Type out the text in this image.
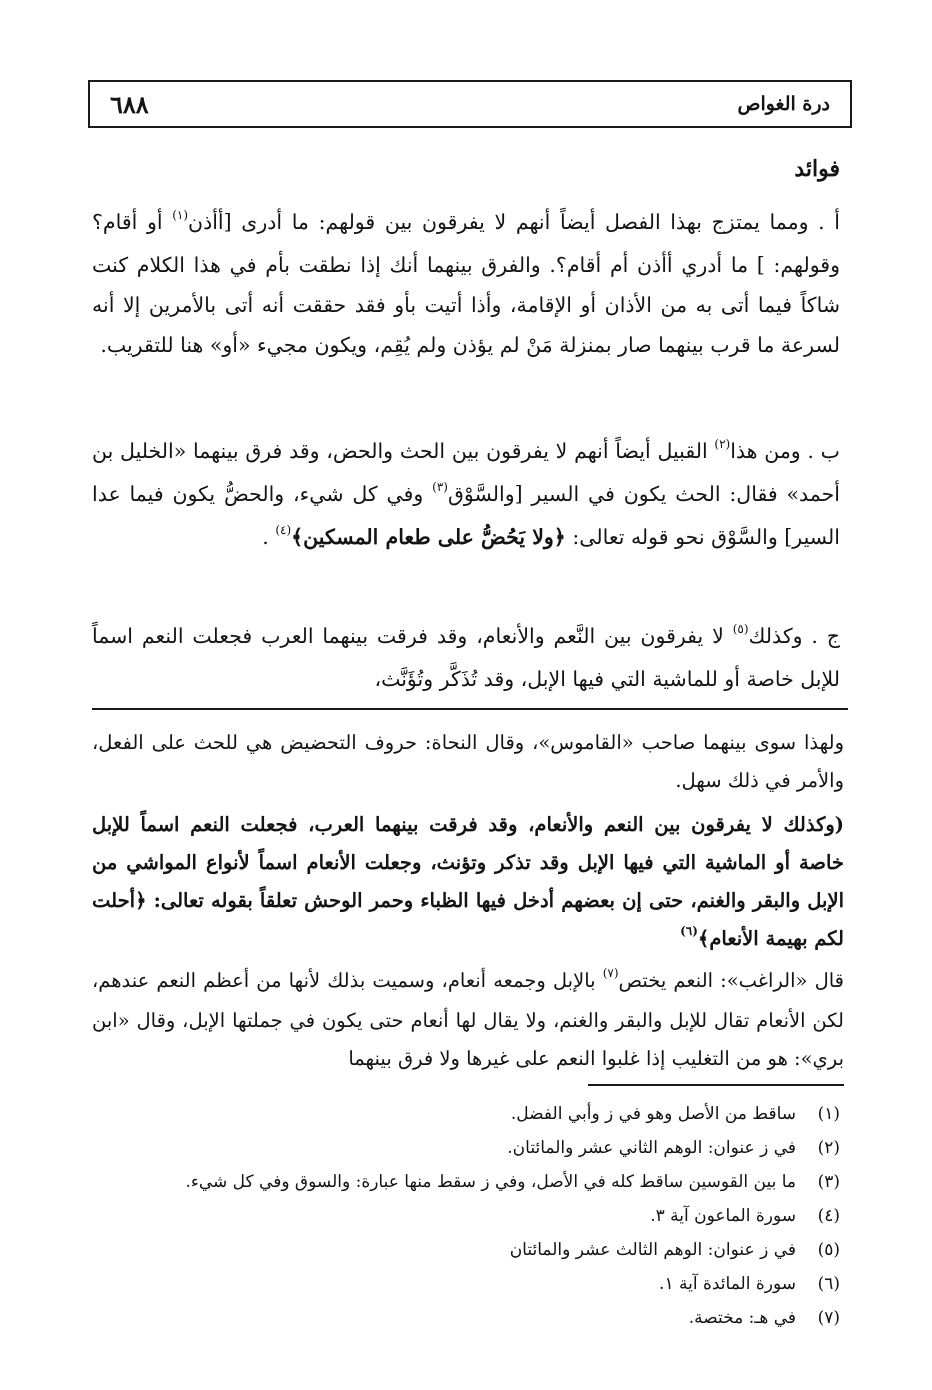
٦٨٨	درة الغواص
فوائد
أ . ومما يمتزج بهذا الفصل أيضاً أنهم لا يفرقون بين قولهم: ما أدرى [أأذن$^{(١)}$ أو أقام؟ وقولهم: ] ما أدري أأذن أم أقام؟. والفرق بينهما أنك إذا نطقت بأم في هذا الكلام كنت شاكاً فيما أتى به من الأذان أو الإقامة، وأذا أتيت بأو فقد حققت أنه أتى بالأمرين إلا أنه لسرعة ما قرب بينهما صار بمنزلة مَنْ لم يؤذن ولم يُقِم، ويكون مجيء «أو» هنا للتقريب.
ب . ومن هذا$^{(٢)}$ القبيل أيضاً أنهم لا يفرقون بين الحث والحض، وقد فرق بينهما «الخليل بن أحمد» فقال: الحث يكون في السير [والسَّوْق$^{(٣)}$ وفي كل شيء، والحضُّ يكون فيما عدا السير] والسَّوْق نحو قوله تعالى: ﴿ولا يَحُضُّ على طعام المسكين﴾$^{(٤)}$ .
ج . وكذلك$^{(٥)}$ لا يفرقون بين النَّعم والأنعام، وقد فرقت بينهما العرب فجعلت النعم اسماً للإبل خاصة أو للماشية التي فيها الإبل، وقد تُذَكَّر وتُؤَنَّث،
ولهذا سوى بينهما صاحب «القاموس»، وقال النحاة: حروف التحضيض هي للحث على الفعل، والأمر في ذلك سهل.
(وكذلك لا يفرقون بين النعم والأنعام، وقد فرقت بينهما العرب، فجعلت النعم اسماً للإبل خاصة أو الماشية التي فيها الإبل وقد تذكر وتؤنث، وجعلت الأنعام اسماً لأنواع المواشي من الإبل والبقر والغنم، حتى إن بعضهم أدخل فيها الظباء وحمر الوحش تعلقاً بقوله تعالى: ﴿أحلت لكم بهيمة الأنعام﴾$^{(٦)}$
قال «الراغب»: النعم يختص$^{(٧)}$ بالإبل وجمعه أنعام، وسميت بذلك لأنها من أعظم النعم عندهم، لكن الأنعام تقال للإبل والبقر والغنم، ولا يقال لها أنعام حتى يكون في جملتها الإبل، وقال «ابن بري»: هو من التغليب إذا غلبوا النعم على غيرها ولا فرق بينهما
(١)
ساقط من الأصل وهو في ز وأبي الفضل.
(٢)
في ز عنوان: الوهم الثاني عشر والمائتان.
(٣)
ما بين القوسين ساقط كله في الأصل، وفي ز سقط منها عبارة: والسوق وفي كل شيء.
(٤)
سورة الماعون آية ٣.
(٥)
في ز عنوان: الوهم الثالث عشر والمائتان
(٦)
سورة المائدة آية ١.
(٧)
في هـ: مختصة.
